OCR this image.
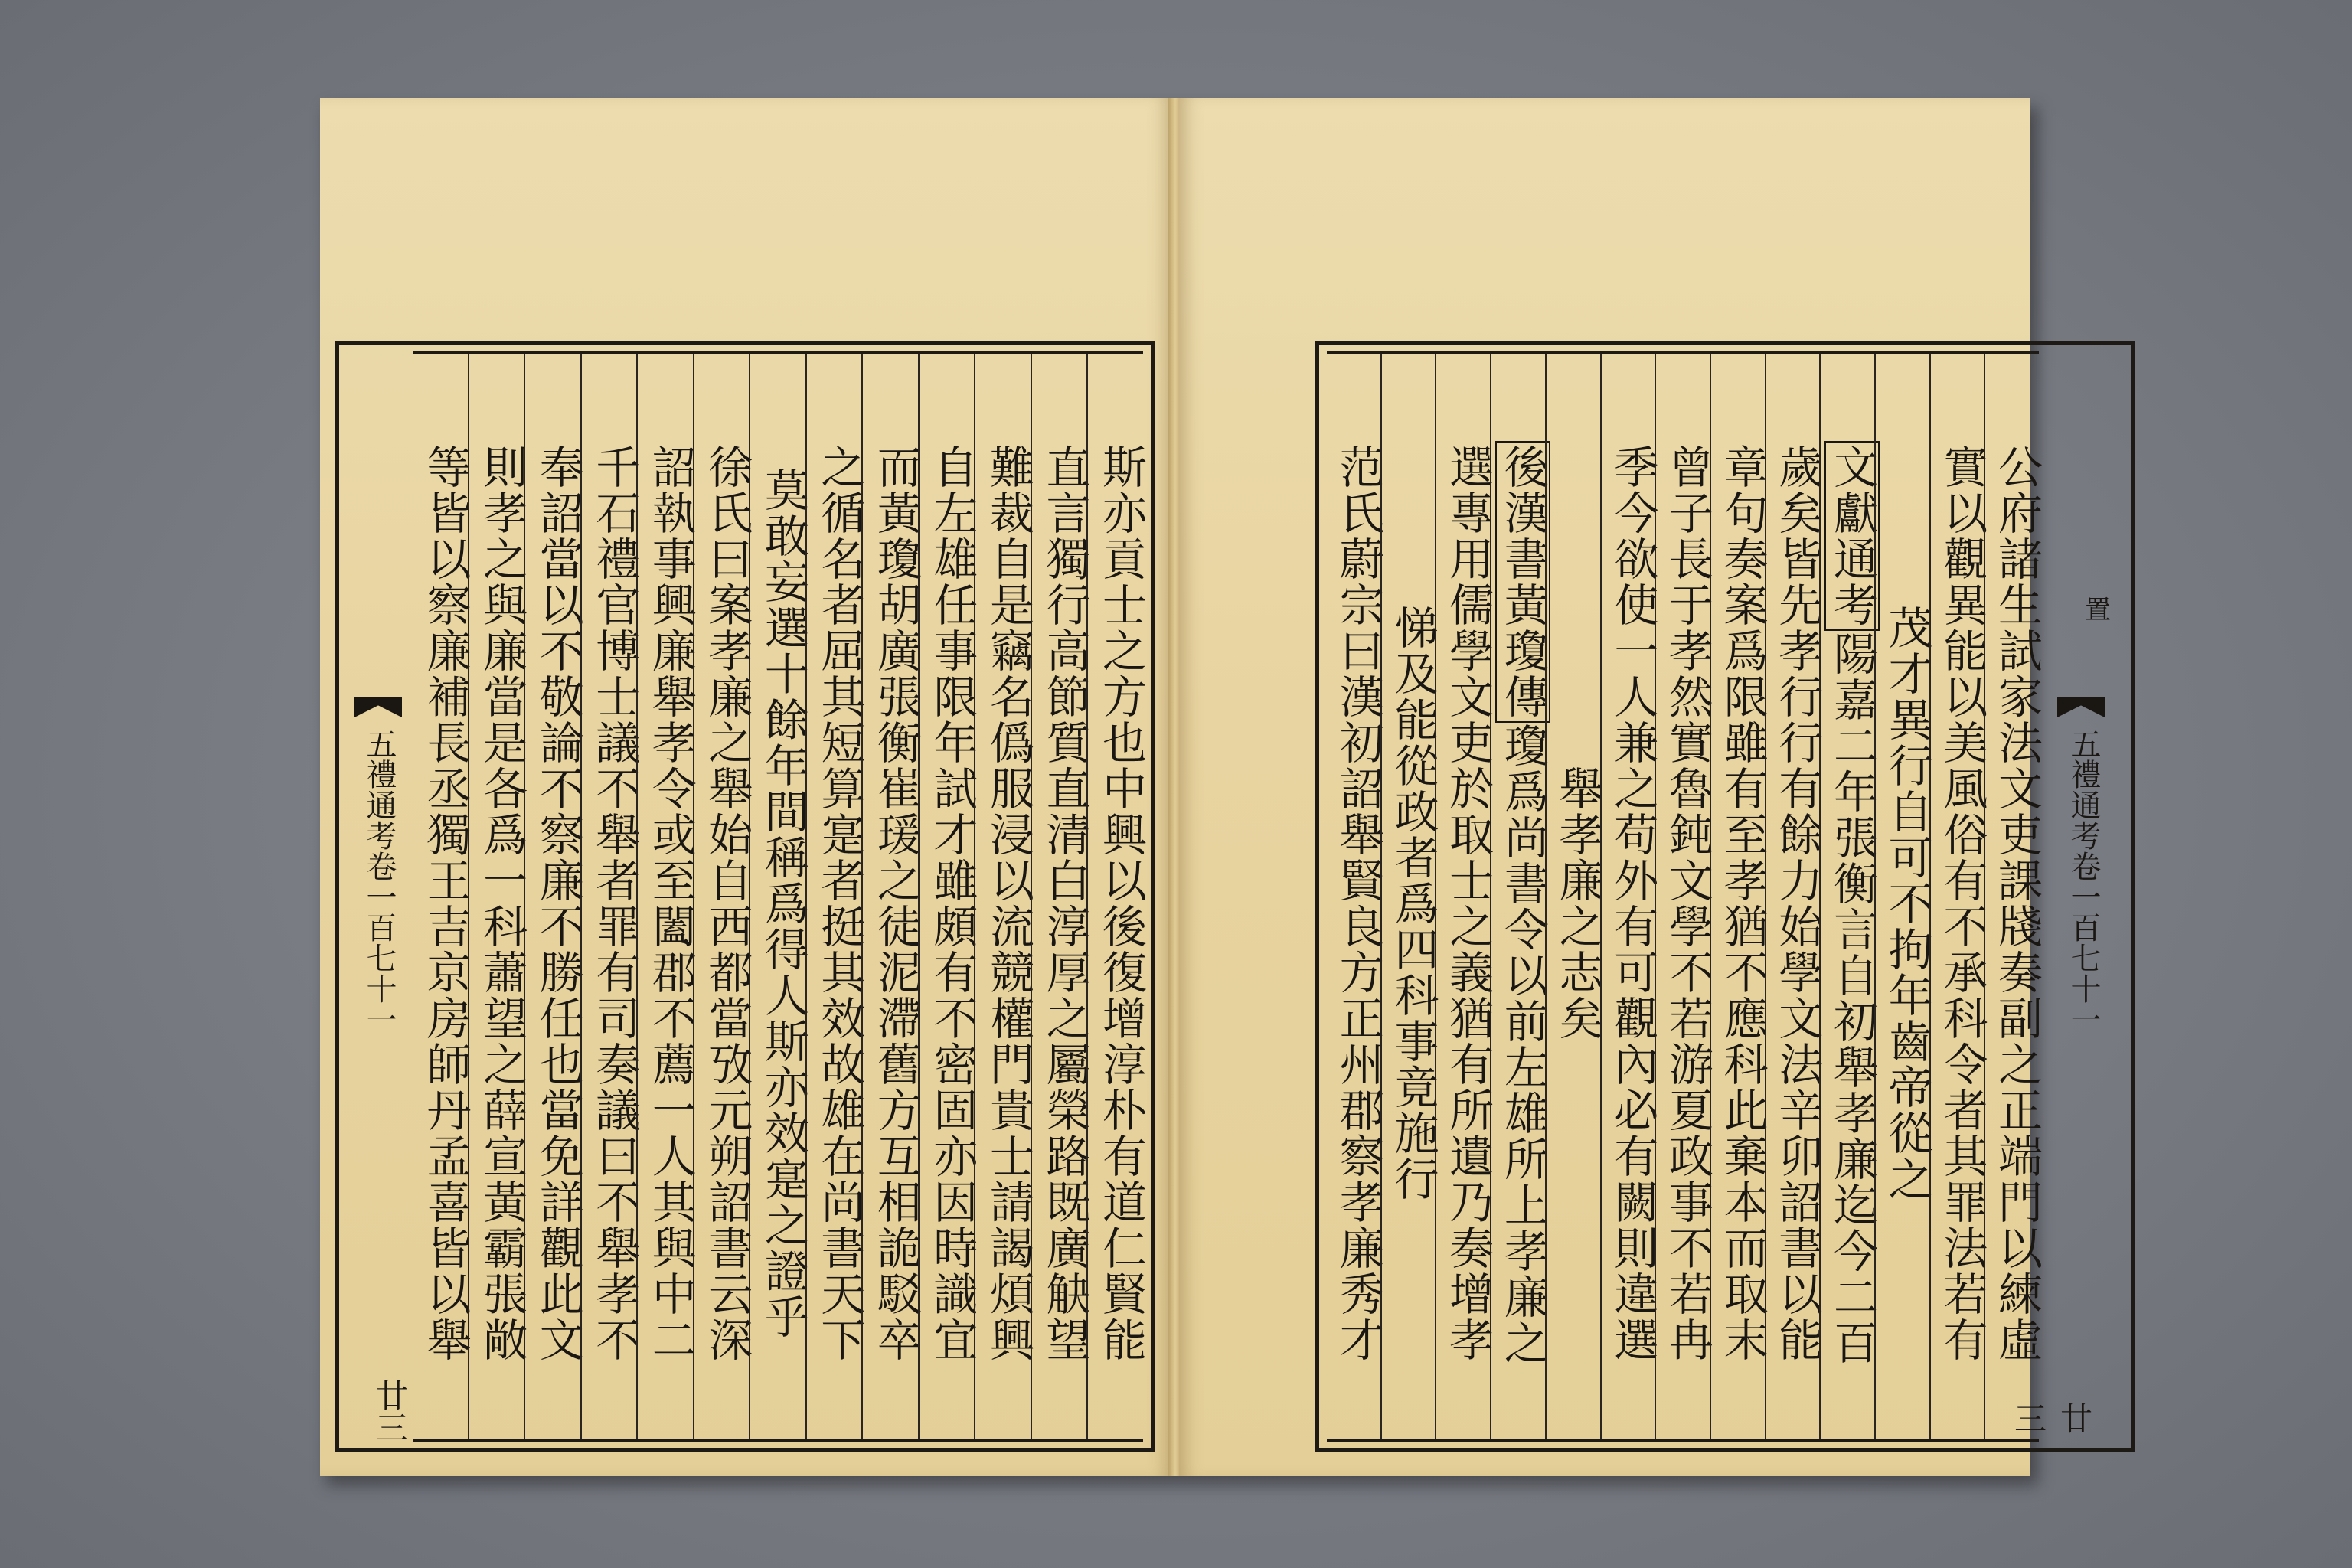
五禮通考卷一百七十一
廿三
斯亦貢士之方也中興以後復增淳朴有道仁賢能
直言獨行高節質直清白淳厚之屬榮路既廣觖望
難裁自是竊名僞服浸以流競權門貴士請謁煩興
自左雄任事限年試才雖頗有不密固亦因時識宜
而黃瓊胡廣張衡崔瑗之徒泥滯舊方互相詭駁卒
之循名者屈其短算寔者挺其效故雄在尚書天下
莫敢妄選十餘年間稱爲得人斯亦效寔之證乎
徐氏曰案孝廉之舉始自西都當攷元朔詔書云深
詔執事興廉舉孝令或至闔郡不薦一人其與中二
千石禮官博士議不舉者罪有司奏議曰不舉孝不
奉詔當以不敬論不察廉不勝任也當免詳觀此文
則孝之與廉當是各爲一科蕭望之薛宣黃霸張敞
等皆以察廉補長丞獨王吉京房師丹孟喜皆以舉	置
五禮通考卷一百七十一
廿三
公府諸生試家法文吏課牋奏副之正端門以練虛
實以觀異能以美風俗有不承科令者其罪法若有
茂才異行自可不拘年齒帝從之
文獻通考陽嘉二年張衡言自初舉孝廉迄今二百
歲矣皆先孝行行有餘力始學文法辛卯詔書以能
章句奏案爲限雖有至孝猶不應科此棄本而取末
曾子長于孝然實魯鈍文學不若游夏政事不若冉
季今欲使一人兼之苟外有可觀內必有闕則違選
舉孝廉之志矣
後漢書黃瓊傳瓊爲尚書令以前左雄所上孝廉之
選專用儒學文吏於取士之義猶有所遺乃奏增孝
悌及能從政者爲四科事竟施行
范氏蔚宗曰漢初詔舉賢良方正州郡察孝廉秀才
